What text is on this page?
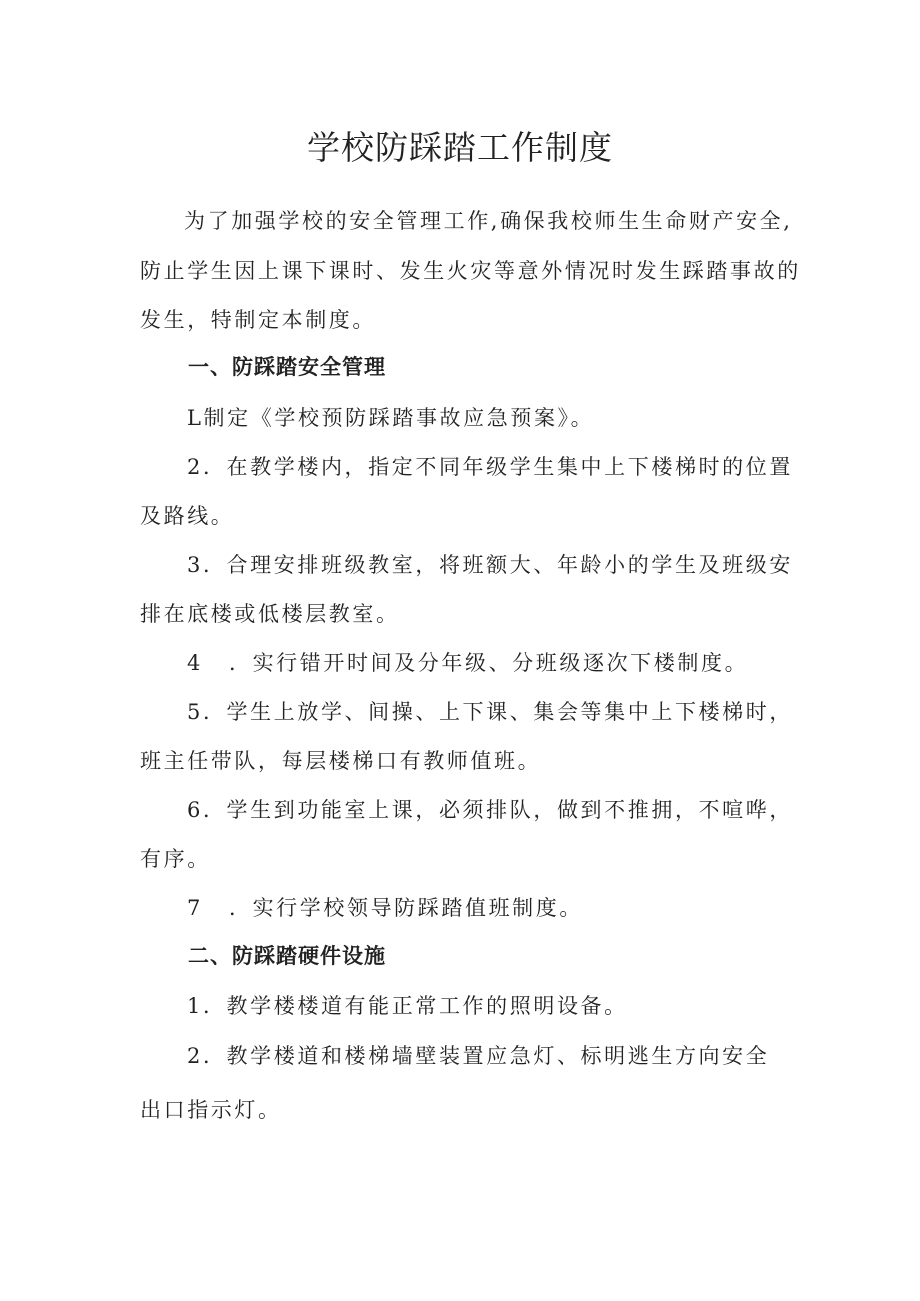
学校防踩踏工作制度

为了加强学校的安全管理工作,确保我校师生生命财产安全,

防止学生因上课下课时、发生火灾等意外情况时发生踩踏事故的

发生，特制定本制度。

一、防踩踏安全管理

L制定《学校预防踩踏事故应急预案》。

2．在教学楼内，指定不同年级学生集中上下楼梯时的位置

及路线。

3．合理安排班级教室，将班额大、年龄小的学生及班级安

排在底楼或低楼层教室。

4 ．实行错开时间及分年级、分班级逐次下楼制度。

5．学生上放学、间操、上下课、集会等集中上下楼梯时，

班主任带队，每层楼梯口有教师值班。

6．学生到功能室上课，必须排队，做到不推拥，不喧哗，

有序。

7 ．实行学校领导防踩踏值班制度。

二、防踩踏硬件设施

1．教学楼楼道有能正常工作的照明设备。

2．教学楼道和楼梯墙壁装置应急灯、标明逃生方向安全

出口指示灯。
